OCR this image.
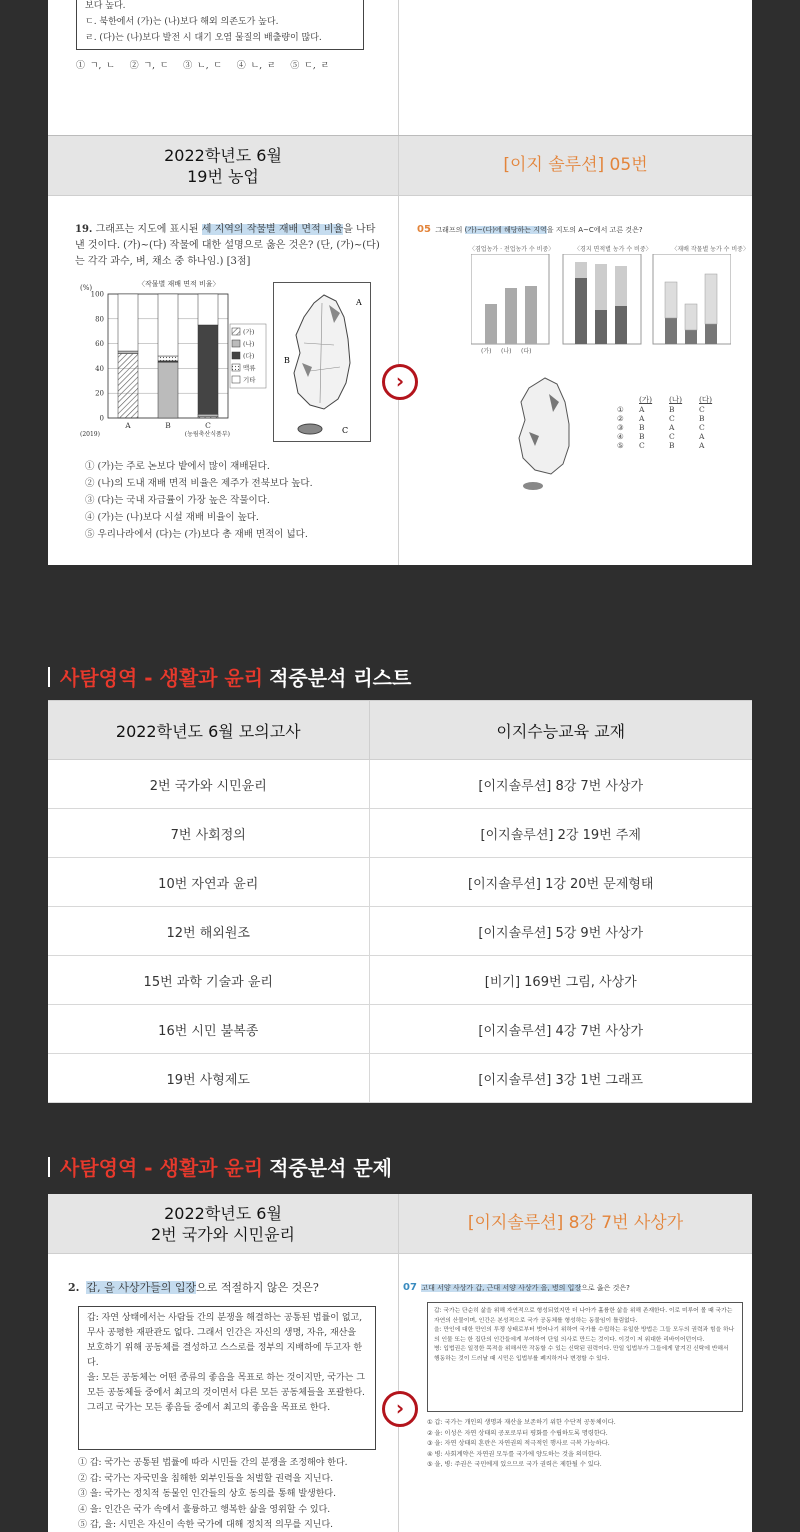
보다 높다.
ㄷ. 북한에서 (가)는 (나)보다 해외 의존도가 높다.
ㄹ. (다)는 (나)보다 발전 시 대기 오염 물질의 배출량이 많다.
① ㄱ, ㄴ ② ㄱ, ㄷ ③ ㄴ, ㄷ ④ ㄴ, ㄹ ⑤ ㄷ, ㄹ
2022학년도 6월
19번 농업
[이지 솔루션] 05번
19. 그래프는 지도에 표시된 세 지역의 작물별 재배 면적 비율을 나타낸 것이다. (가)~(다) 작물에 대한 설명으로 옳은 것은? (단, (가)~(다)는 각각 과수, 벼, 채소 중 하나임.) [3점]
〈작물별 재배 면적 비율〉
(%)
0
20
40
60
80
100
A	B	C
(2019)	(농림축산식품부)
(가)
(나)
(다)
맥류
기타
A
B
C
① (가)는 주로 논보다 밭에서 많이 재배된다.
② (나)의 도내 재배 면적 비율은 제주가 전북보다 높다.
③ (다)는 국내 자급률이 가장 높은 작물이다.
④ (가)는 (나)보다 시설 재배 비율이 높다.
⑤ 우리나라에서 (다)는 (가)보다 총 재배 면적이 넓다.
05 그래프의 (가)~(다)에 해당하는 지역을 지도의 A~C에서 고른 것은?
〈겸업농가 · 전업농가 수 비중〉	〈경지 면적별 농가 수 비중〉	〈재배 작물별 농가 수 비중〉
(가)	(나)	(다)
	(가)	(나)	(다)
①	A	B	C
②	A	C	B
③	B	A	C
④	B	C	A
⑤	C	B	A
›
사탐영역 - 생활과 윤리 적중분석 리스트
2022학년도 6월 모의고사	이지수능교육 교재
2번 국가와 시민윤리	[이지솔루션] 8강 7번 사상가
7번 사회정의	[이지솔루션] 2강 19번 주제
10번 자연과 윤리	[이지솔루션] 1강 20번 문제형태
12번 해외원조	[이지솔루션] 5강 9번 사상가
15번 과학 기술과 윤리	[비기] 169번 그림, 사상가
16번 시민 불복종	[이지솔루션] 4강 7번 사상가
19번 사형제도	[이지솔루션] 3강 1번 그래프
사탐영역 - 생활과 윤리 적중분석 문제
2022학년도 6월
2번 국가와 시민윤리
[이지솔루션] 8강 7번 사상가
2. 갑, 을 사상가들의 입장으로 적절하지 않은 것은?
갑: 자연 상태에서는 사람들 간의 분쟁을 해결하는 공통된 법률이 없고, 무사 공평한 재판관도 없다. 그래서 인간은 자신의 생명, 자유, 재산을 보호하기 위해 공동체를 결성하고 스스로를 정부의 지배하에 두고자 한다.
을: 모든 공동체는 어떤 종류의 좋음을 목표로 하는 것이지만, 국가는 그 모든 공동체들 중에서 최고의 것이면서 다른 모든 공동체들을 포괄한다. 그리고 국가는 모든 좋음들 중에서 최고의 좋음을 목표로 한다.
① 갑: 국가는 공통된 법률에 따라 시민들 간의 분쟁을 조정해야 한다.
② 갑: 국가는 자국민을 침해한 외부인들을 처벌할 권력을 지닌다.
③ 을: 국가는 정치적 동물인 인간들의 상호 동의를 통해 발생한다.
④ 을: 인간은 국가 속에서 훌륭하고 행복한 삶을 영위할 수 있다.
⑤ 갑, 을: 시민은 자신이 속한 국가에 대해 정치적 의무를 지닌다.
07 고대 서양 사상가 갑, 근대 서양 사상가 을, 병의 입장으로 옳은 것은?
갑: 국가는 단순히 삶을 위해 자연적으로 형성되었지만 더 나아가 훌륭한 삶을 위해 존재한다. 이로 미루어 볼 때 국가는 자연의 산물이며, 인간은 본성적으로 국가 공동체를 형성하는 동물임이 틀림없다.
을: 만인에 대한 만인의 투쟁 상태로부터 벗어나기 위하여 국가를 수립하는 유일한 방법은 그들 모두의 권력과 힘을 하나의 인물 또는 한 집단의 인간들에게 부여하여 단일 의사로 만드는 것이다. 이것이 저 위대한 리바이어던이다.
병: 입법권은 일정한 목적을 위해서만 작동할 수 있는 신탁된 권력이다. 만일 입법부가 그들에게 맡겨진 신탁에 반해서 행동하는 것이 드러날 때 시민은 입법부를 폐지하거나 변경할 수 있다.
① 갑: 국가는 개인의 생명과 재산을 보존하기 위한 수단적 공동체이다.
② 을: 이성은 자연 상태의 공포로부터 평화를 수립하도록 명령한다.
③ 을: 자연 상태의 혼란은 자연권의 적극적인 행사로 극복 가능하다.
④ 병: 사회계약은 자연권 모두를 국가에 양도하는 것을 의미한다.
⑤ 을, 병: 주권은 국민에게 있으므로 국가 권력은 제한될 수 있다.
›
